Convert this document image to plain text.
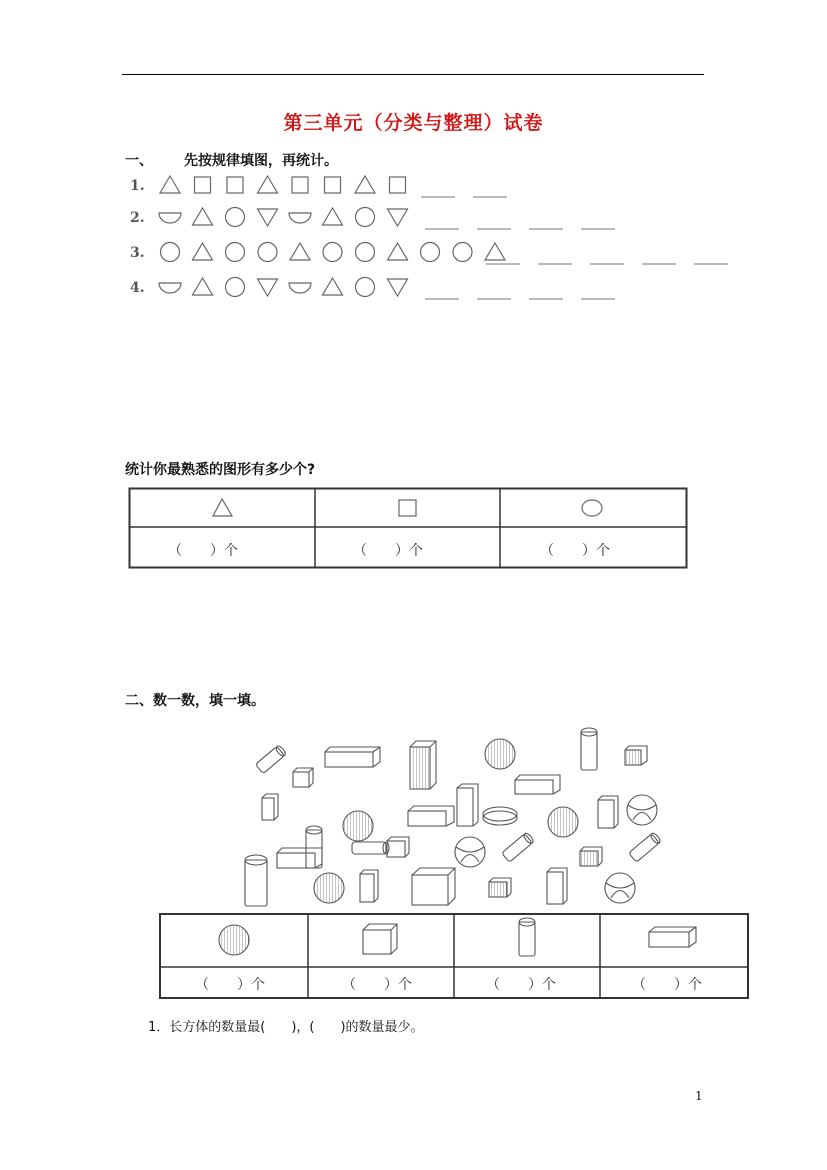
第三单元（分类与整理）试卷
一、 先按规律填图，再统计。
1.
2.
3.
4.
统计你最熟悉的图形有多少个?
（　　）个	（　　）个	（　　）个
二、数一数，填一填。
（　　）个	（　　）个	（　　）个	（　　）个
1．长方体的数量最(　　)，(　　)的数量最少。
1
